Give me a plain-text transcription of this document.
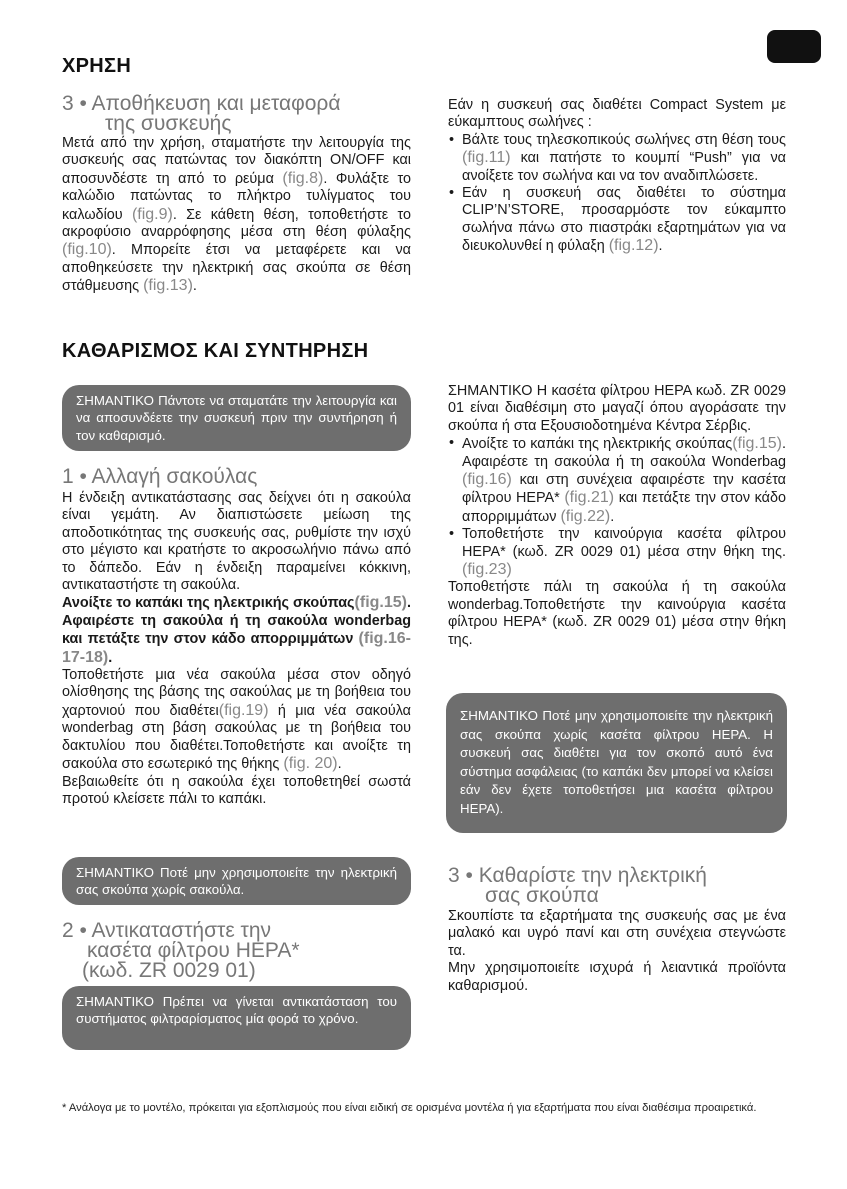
ΧΡΗΣΗ
3 • Αποθήκευση και μεταφορά
της συσκευής

Μετά από την χρήση, σταματήστε την λειτουργία της συσκευής σας πατώντας τον διακόπτη ON/OFF και αποσυνδέστε τη από το ρεύμα (fig.8). Φυλάξτε το καλώδιο πατώντας το πλήκτρο τυλίγματος του καλωδίου (fig.9). Σε κάθετη θέση, τοποθετήστε το ακροφύσιο αναρρόφησης μέσα στη θέση φύλαξης (fig.10). Μπορείτε έτσι να μεταφέρετε και να αποθηκεύσετε την ηλεκτρική σας σκούπα σε θέση στάθμευσης (fig.13).

Εάν η συσκευή σας διαθέτει Compact System με εύκαμπτους σωλήνες :

• Βάλτε τους τηλεσκοπικούς σωλήνες στη θέση τους (fig.11) και πατήστε το κουμπί “Push” για να ανοίξετε τον σωλήνα και να τον αναδιπλώσετε.

• Εάν η συσκευή σας διαθέτει το σύστημα CLIP’N’STORE, προσαρμόστε τον εύκαμπτο σωλήνα πάνω στο πιαστράκι εξαρτημάτων για να διευκολυνθεί η φύλαξη (fig.12).

ΚΑΘΑΡΙΣΜΟΣ ΚΑΙ ΣΥΝΤΗΡΗΣΗ
ΣΗΜΑΝΤΙΚΟ Πάντοτε να σταματάτε την λειτουργία και να αποσυνδέετε την συσκευή πριν την συντήρηση ή τον καθαρισμό.
1 • Αλλαγή σακούλας

Η ένδειξη αντικατάστασης σας δείχνει ότι η σακούλα είναι γεμάτη. Αν διαπιστώσετε μείωση της αποδοτικότητας της συσκευής σας, ρυθμίστε την ισχύ στο μέγιστο και κρατήστε το ακροσωλήνιο πάνω από το δάπεδο. Εάν η ένδειξη παραμείνει κόκκινη, αντικαταστήστε τη σακούλα.

Ανοίξτε το καπάκι της ηλεκτρικής σκούπας(fig.15). Αφαιρέστε τη σακούλα ή τη σακούλα wonderbag και πετάξτε την στον κάδο απορριμμάτων (fig.16-17-18).

Τοποθετήστε μια νέα σακούλα μέσα στον οδηγό ολίσθησης της βάσης της σακούλας με τη βοήθεια του χαρτονιού που διαθέτει(fig.19) ή μια νέα σακούλα wonderbag στη βάση σακούλας με τη βοήθεια του δακτυλίου που διαθέτει.Τοποθετήστε και ανοίξτε τη σακούλα στο εσωτερικό της θήκης (fig. 20).

Βεβαιωθείτε ότι η σακούλα έχει τοποθετηθεί σωστά προτού κλείσετε πάλι το καπάκι.

ΣΗΜΑΝΤΙΚΟ Ποτέ μην χρησιμοποιείτε την ηλεκτρική σας σκούπα χωρίς σακούλα.
2 • Αντικαταστήστε την
κασέτα φίλτρου HEPA*
(κωδ. ZR 0029 01)
ΣΗΜΑΝΤΙΚΟ Πρέπει να γίνεται αντικατάσταση του συστήματος φιλτραρίσματος μία φορά το χρόνο.

ΣΗΜΑΝΤΙΚΟ Η κασέτα φίλτρου HEPA κωδ. ZR 0029 01 είναι διαθέσιμη στο μαγαζί όπου αγοράσατε την σκούπα ή στα Εξουσιοδοτημένα Κέντρα Σέρβις.

• Ανοίξτε το καπάκι της ηλεκτρικής σκούπας(fig.15). Αφαιρέστε τη σακούλα ή τη σακούλα Wonderbag (fig.16) και στη συνέχεια αφαιρέστε την κασέτα φίλτρου HEPA* (fig.21) και πετάξτε την στον κάδο απορριμμάτων (fig.22).

• Τοποθετήστε την καινούργια κασέτα φίλτρου HEPA* (κωδ. ZR 0029 01) μέσα στην θήκη της.(fig.23)

Τοποθετήστε πάλι τη σακούλα ή τη σακούλα wonderbag.Τοποθετήστε την καινούργια κασέτα φίλτρου HEPA* (κωδ. ZR 0029 01) μέσα στην θήκη της.

ΣΗΜΑΝΤΙΚΟ Ποτέ μην χρησιμοποιείτε την ηλεκτρική σας σκούπα χωρίς κασέτα φίλτρου HEPA. Η συσκευή σας διαθέτει για τον σκοπό αυτό ένα σύστημα ασφάλειας (το καπάκι δεν μπορεί να κλείσει εάν δεν έχετε τοποθετήσει μια κασέτα φίλτρου HEPA).
3 • Καθαρίστε την ηλεκτρική
σας σκούπα

Σκουπίστε τα εξαρτήματα της συσκευής σας με ένα μαλακό και υγρό πανί και στη συνέχεια στεγνώστε τα.

Μην χρησιμοποιείτε ισχυρά ή λειαντικά προϊόντα καθαρισμού.

* Ανάλογα με το μοντέλο, πρόκειται για εξοπλισμούς που είναι ειδική σε ορισμένα μοντέλα ή για εξαρτήματα που είναι διαθέσιμα προαιρετικά.
